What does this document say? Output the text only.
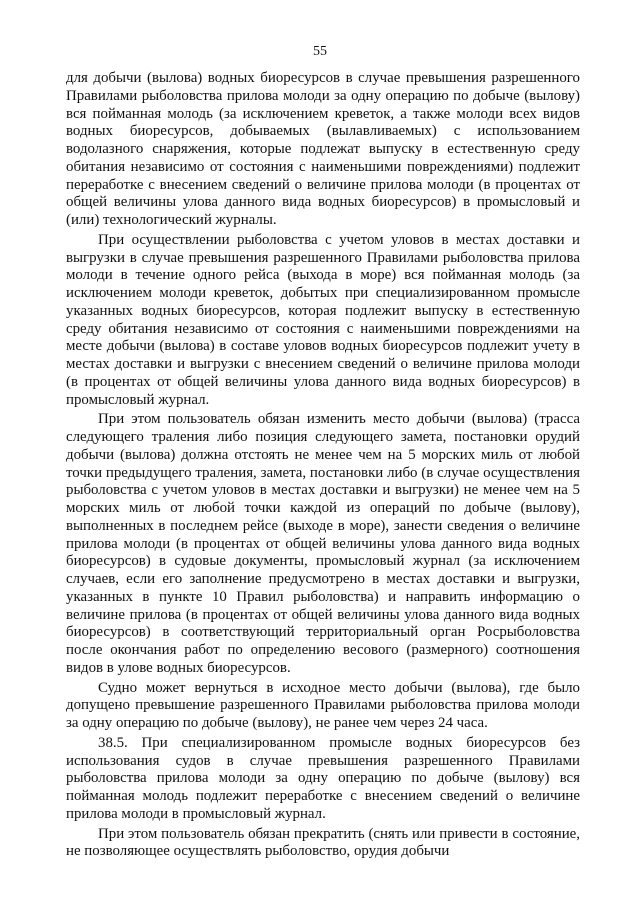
55

для добычи (вылова) водных биоресурсов в случае превышения разрешенного Правилами рыболовства прилова молоди за одну операцию по добыче (вылову) вся пойманная молодь (за исключением креветок, а также молоди всех видов водных биоресурсов, добываемых (вылавливаемых) с использованием водолазного снаряжения, которые подлежат выпуску в естественную среду обитания независимо от состояния с наименьшими повреждениями) подлежит переработке с внесением сведений о величине прилова молоди (в процентах от общей величины улова данного вида водных биоресурсов) в промысловый и (или) технологический журналы.

При осуществлении рыболовства с учетом уловов в местах доставки и выгрузки в случае превышения разрешенного Правилами рыболовства прилова молоди в течение одного рейса (выхода в море) вся пойманная молодь (за исключением молоди креветок, добытых при специализированном промысле указанных водных биоресурсов, которая подлежит выпуску в естественную среду обитания независимо от состояния с наименьшими повреждениями на месте добычи (вылова) в составе уловов водных биоресурсов подлежит учету в местах доставки и выгрузки с внесением сведений о величине прилова молоди (в процентах от общей величины улова данного вида водных биоресурсов) в промысловый журнал.

При этом пользователь обязан изменить место добычи (вылова) (трасса следующего траления либо позиция следующего замета, постановки орудий добычи (вылова) должна отстоять не менее чем на 5 морских миль от любой точки предыдущего траления, замета, постановки либо (в случае осуществления рыболовства с учетом уловов в местах доставки и выгрузки) не менее чем на 5 морских миль от любой точки каждой из операций по добыче (вылову), выполненных в последнем рейсе (выходе в море), занести сведения о величине прилова молоди (в процентах от общей величины улова данного вида водных биоресурсов) в судовые документы, промысловый журнал (за исключением случаев, если его заполнение предусмотрено в местах доставки и выгрузки, указанных в пункте 10 Правил рыболовства) и направить информацию о величине прилова (в процентах от общей величины улова данного вида водных биоресурсов) в соответствующий территориальный орган Росрыболовства после окончания работ по определению весового (размерного) соотношения видов в улове водных биоресурсов.

Судно может вернуться в исходное место добычи (вылова), где было допущено превышение разрешенного Правилами рыболовства прилова молоди за одну операцию по добыче (вылову), не ранее чем через 24 часа.

38.5. При специализированном промысле водных биоресурсов без использования судов в случае превышения разрешенного Правилами рыболовства прилова молоди за одну операцию по добыче (вылову) вся пойманная молодь подлежит переработке с внесением сведений о величине прилова молоди в промысловый журнал.

При этом пользователь обязан прекратить (снять или привести в состояние, не позволяющее осуществлять рыболовство, орудия добычи
